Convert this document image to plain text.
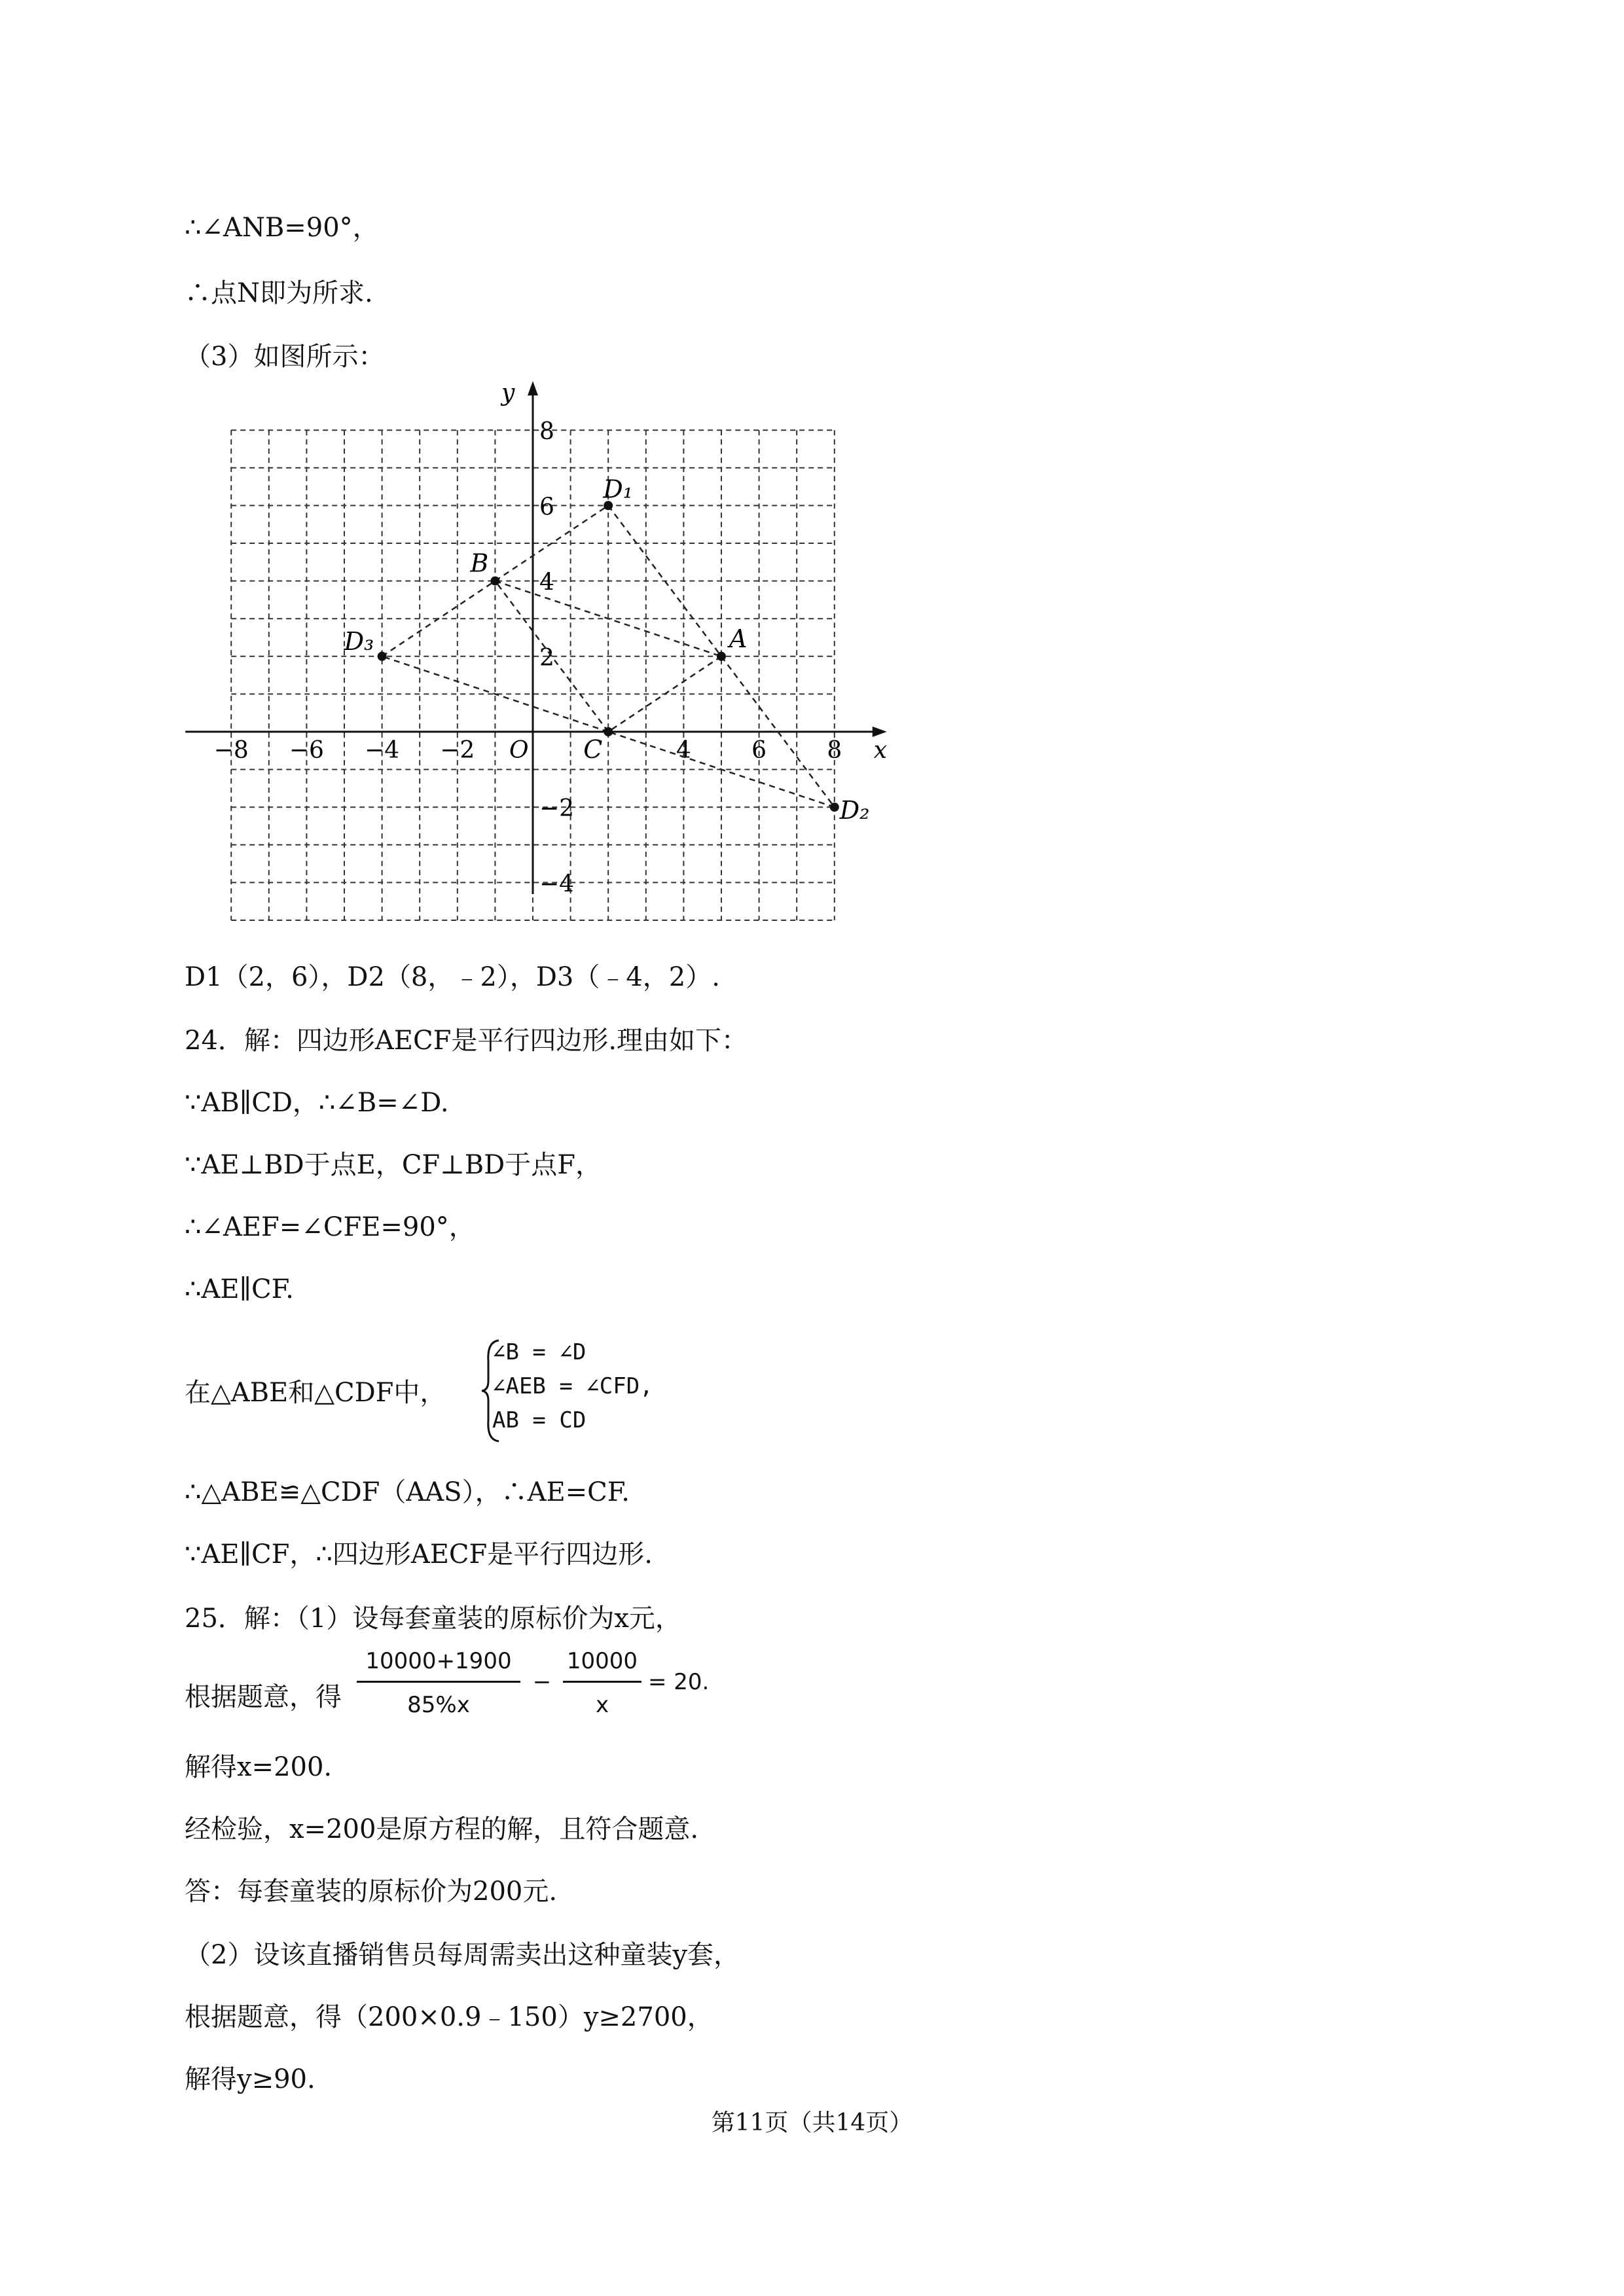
∴∠ANB=90°，
∴点N即为所求.
（3）如图所示：
x
y
O
−8 −6 −4 −2	4	6	8
8
6
4
2
−2
−4
A
B
C
D₁
D₂
D₃
D1（2，6），D2（8，﹣2），D3（﹣4，2）.
24．解：四边形AECF是平行四边形.理由如下：
∵AB∥CD，∴∠B=∠D.
∵AE⊥BD于点E，CF⊥BD于点F，
∴∠AEF=∠CFE=90°，
∴AE∥CF.
在△ABE和△CDF中，
∠B = ∠D
∠AEB = ∠CFD,
AB = CD
∴△ABE≌△CDF（AAS），∴AE=CF.
∵AE∥CF，∴四边形AECF是平行四边形.
25．解：（1）设每套童装的原标价为x元，
根据题意，得
10000+1900
85%x
−
10000
x
= 20.
解得x=200.
经检验，x=200是原方程的解，且符合题意.
答：每套童装的原标价为200元.
（2）设该直播销售员每周需卖出这种童装y套，
根据题意，得（200×0.9﹣150）y≥2700，
解得y≥90.
第11页（共14页）
